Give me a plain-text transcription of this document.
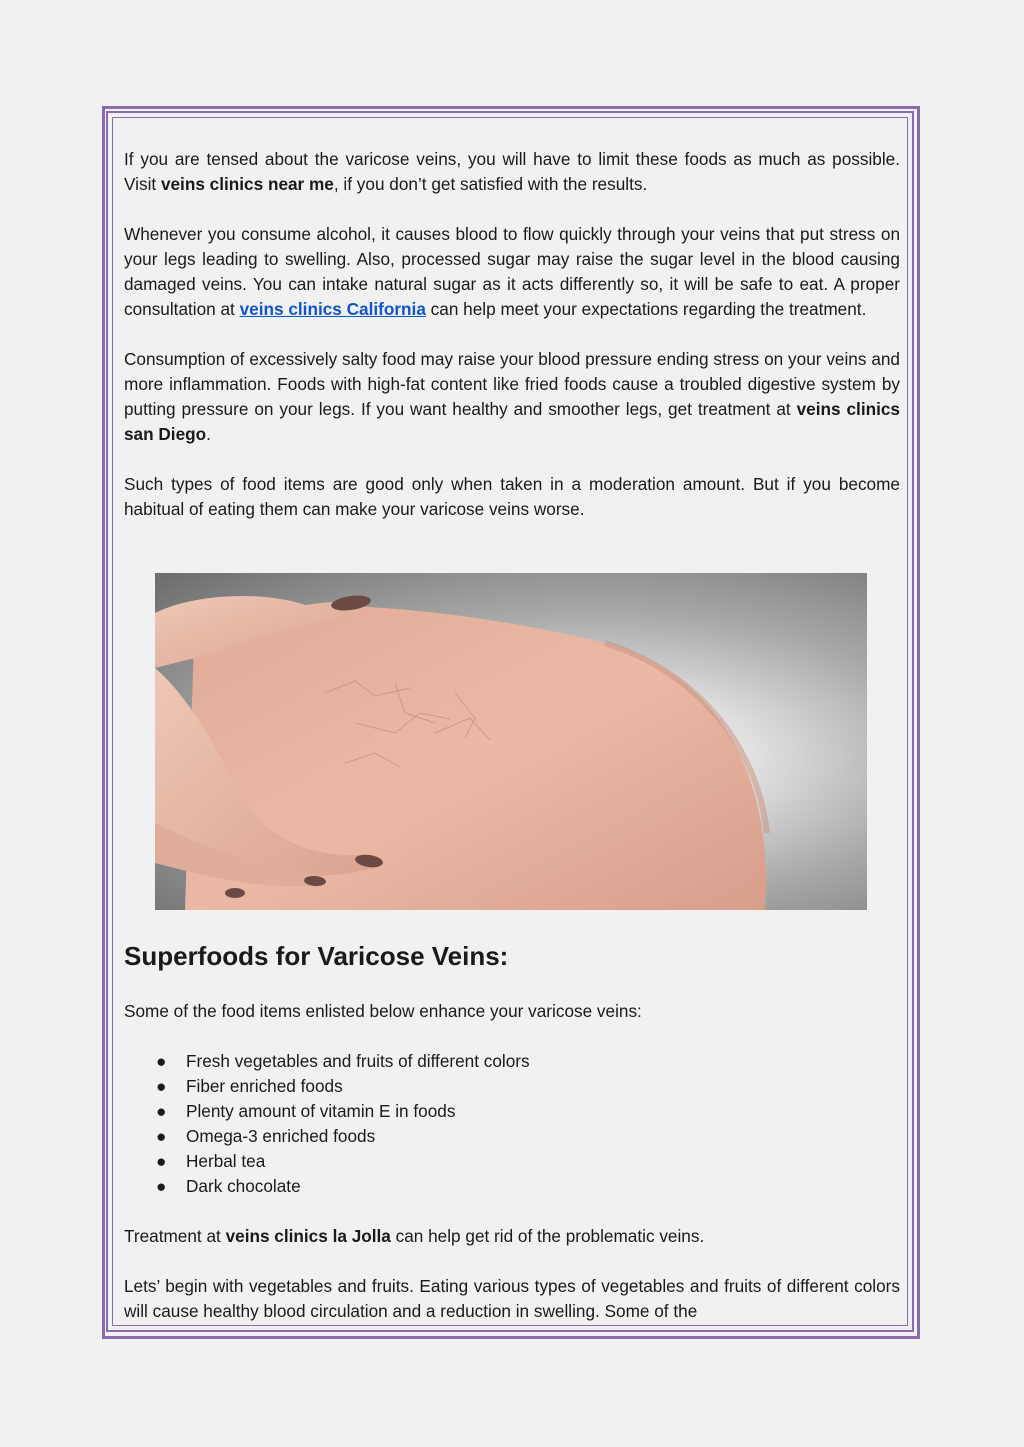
If you are tensed about the varicose veins, you will have to limit these foods as much as possible. Visit veins clinics near me, if you don’t get satisfied with the results.

Whenever you consume alcohol, it causes blood to flow quickly through your veins that put stress on your legs leading to swelling. Also, processed sugar may raise the sugar level in the blood causing damaged veins. You can intake natural sugar as it acts differently so, it will be safe to eat. A proper consultation at veins clinics California can help meet your expectations regarding the treatment.

Consumption of excessively salty food may raise your blood pressure ending stress on your veins and more inflammation. Foods with high-fat content like fried foods cause a troubled digestive system by putting pressure on your legs. If you want healthy and smoother legs, get treatment at veins clinics san Diego.

Such types of food items are good only when taken in a moderation amount. But if you become habitual of eating them can make your varicose veins worse.

Superfoods for Varicose Veins:

Some of the food items enlisted below enhance your varicose veins:

● Fresh vegetables and fruits of different colors
● Fiber enriched foods
● Plenty amount of vitamin E in foods
● Omega-3 enriched foods
● Herbal tea
● Dark chocolate

Treatment at veins clinics la Jolla can help get rid of the problematic veins.

Lets’ begin with vegetables and fruits. Eating various types of vegetables and fruits of different colors will cause healthy blood circulation and a reduction in swelling. Some of the
